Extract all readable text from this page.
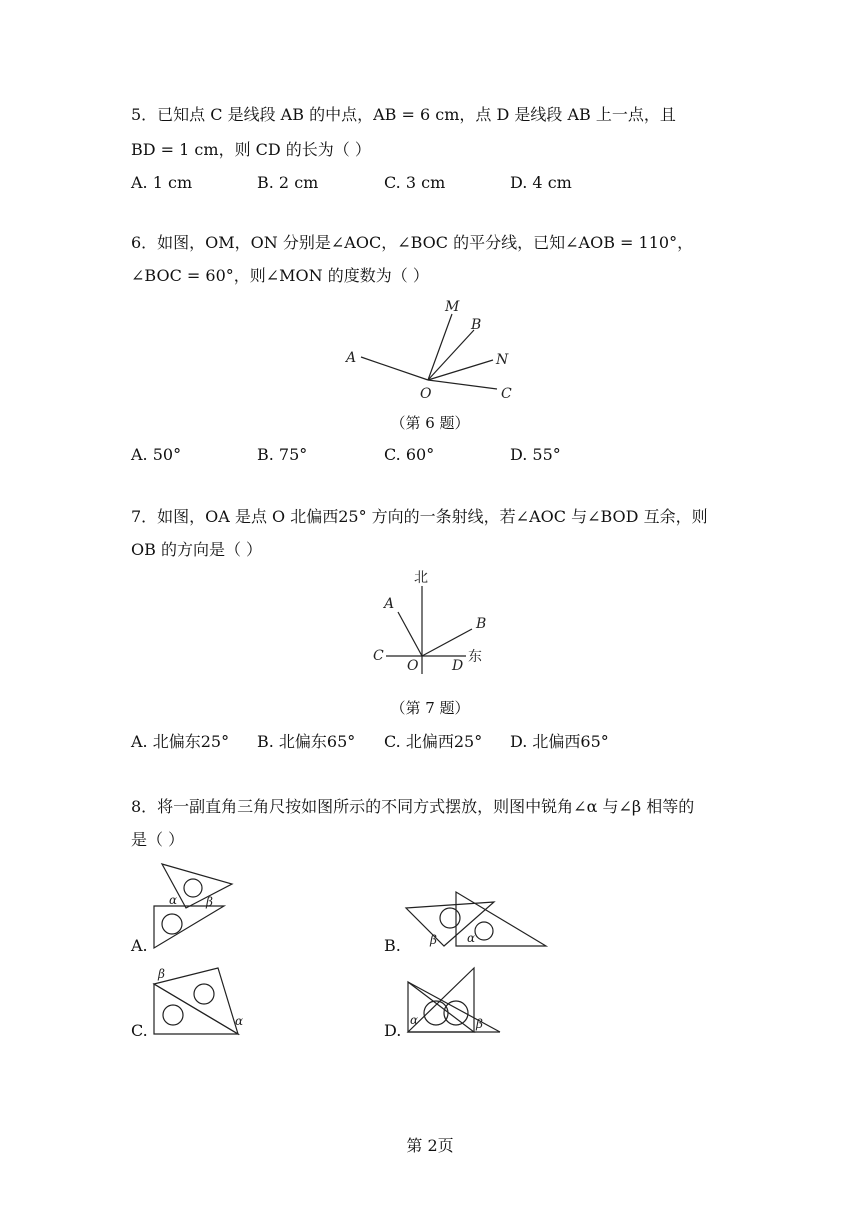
5．已知点 C 是线段 AB 的中点，AB = 6 cm，点 D 是线段 AB 上一点，且
BD = 1 cm，则 CD 的长为（ ）
A. 1 cm	B. 2 cm	C. 3 cm	D. 4 cm
6．如图，OM，ON 分别是∠AOC，∠BOC 的平分线，已知∠AOB = 110°，
∠BOC = 60°，则∠MON 的度数为（ ）
M
B
A	N
O	C
（第 6 题）
A. 50°	B. 75°	C. 60°	D. 55°
7．如图，OA 是点 O 北偏西25° 方向的一条射线，若∠AOC 与∠BOD 互余，则
OB 的方向是（ ）
北
东
A
B
C
O D
（第 7 题）
A. 北偏东25° B. 北偏东65° C. 北偏西25° D. 北偏西65°
8．将一副直角三角尺按如图所示的不同方式摆放，则图中锐角∠α 与∠β 相等的
是（ ）
A.
α β
B. β	α
C.
β
α	D.
α	β
第 2页
